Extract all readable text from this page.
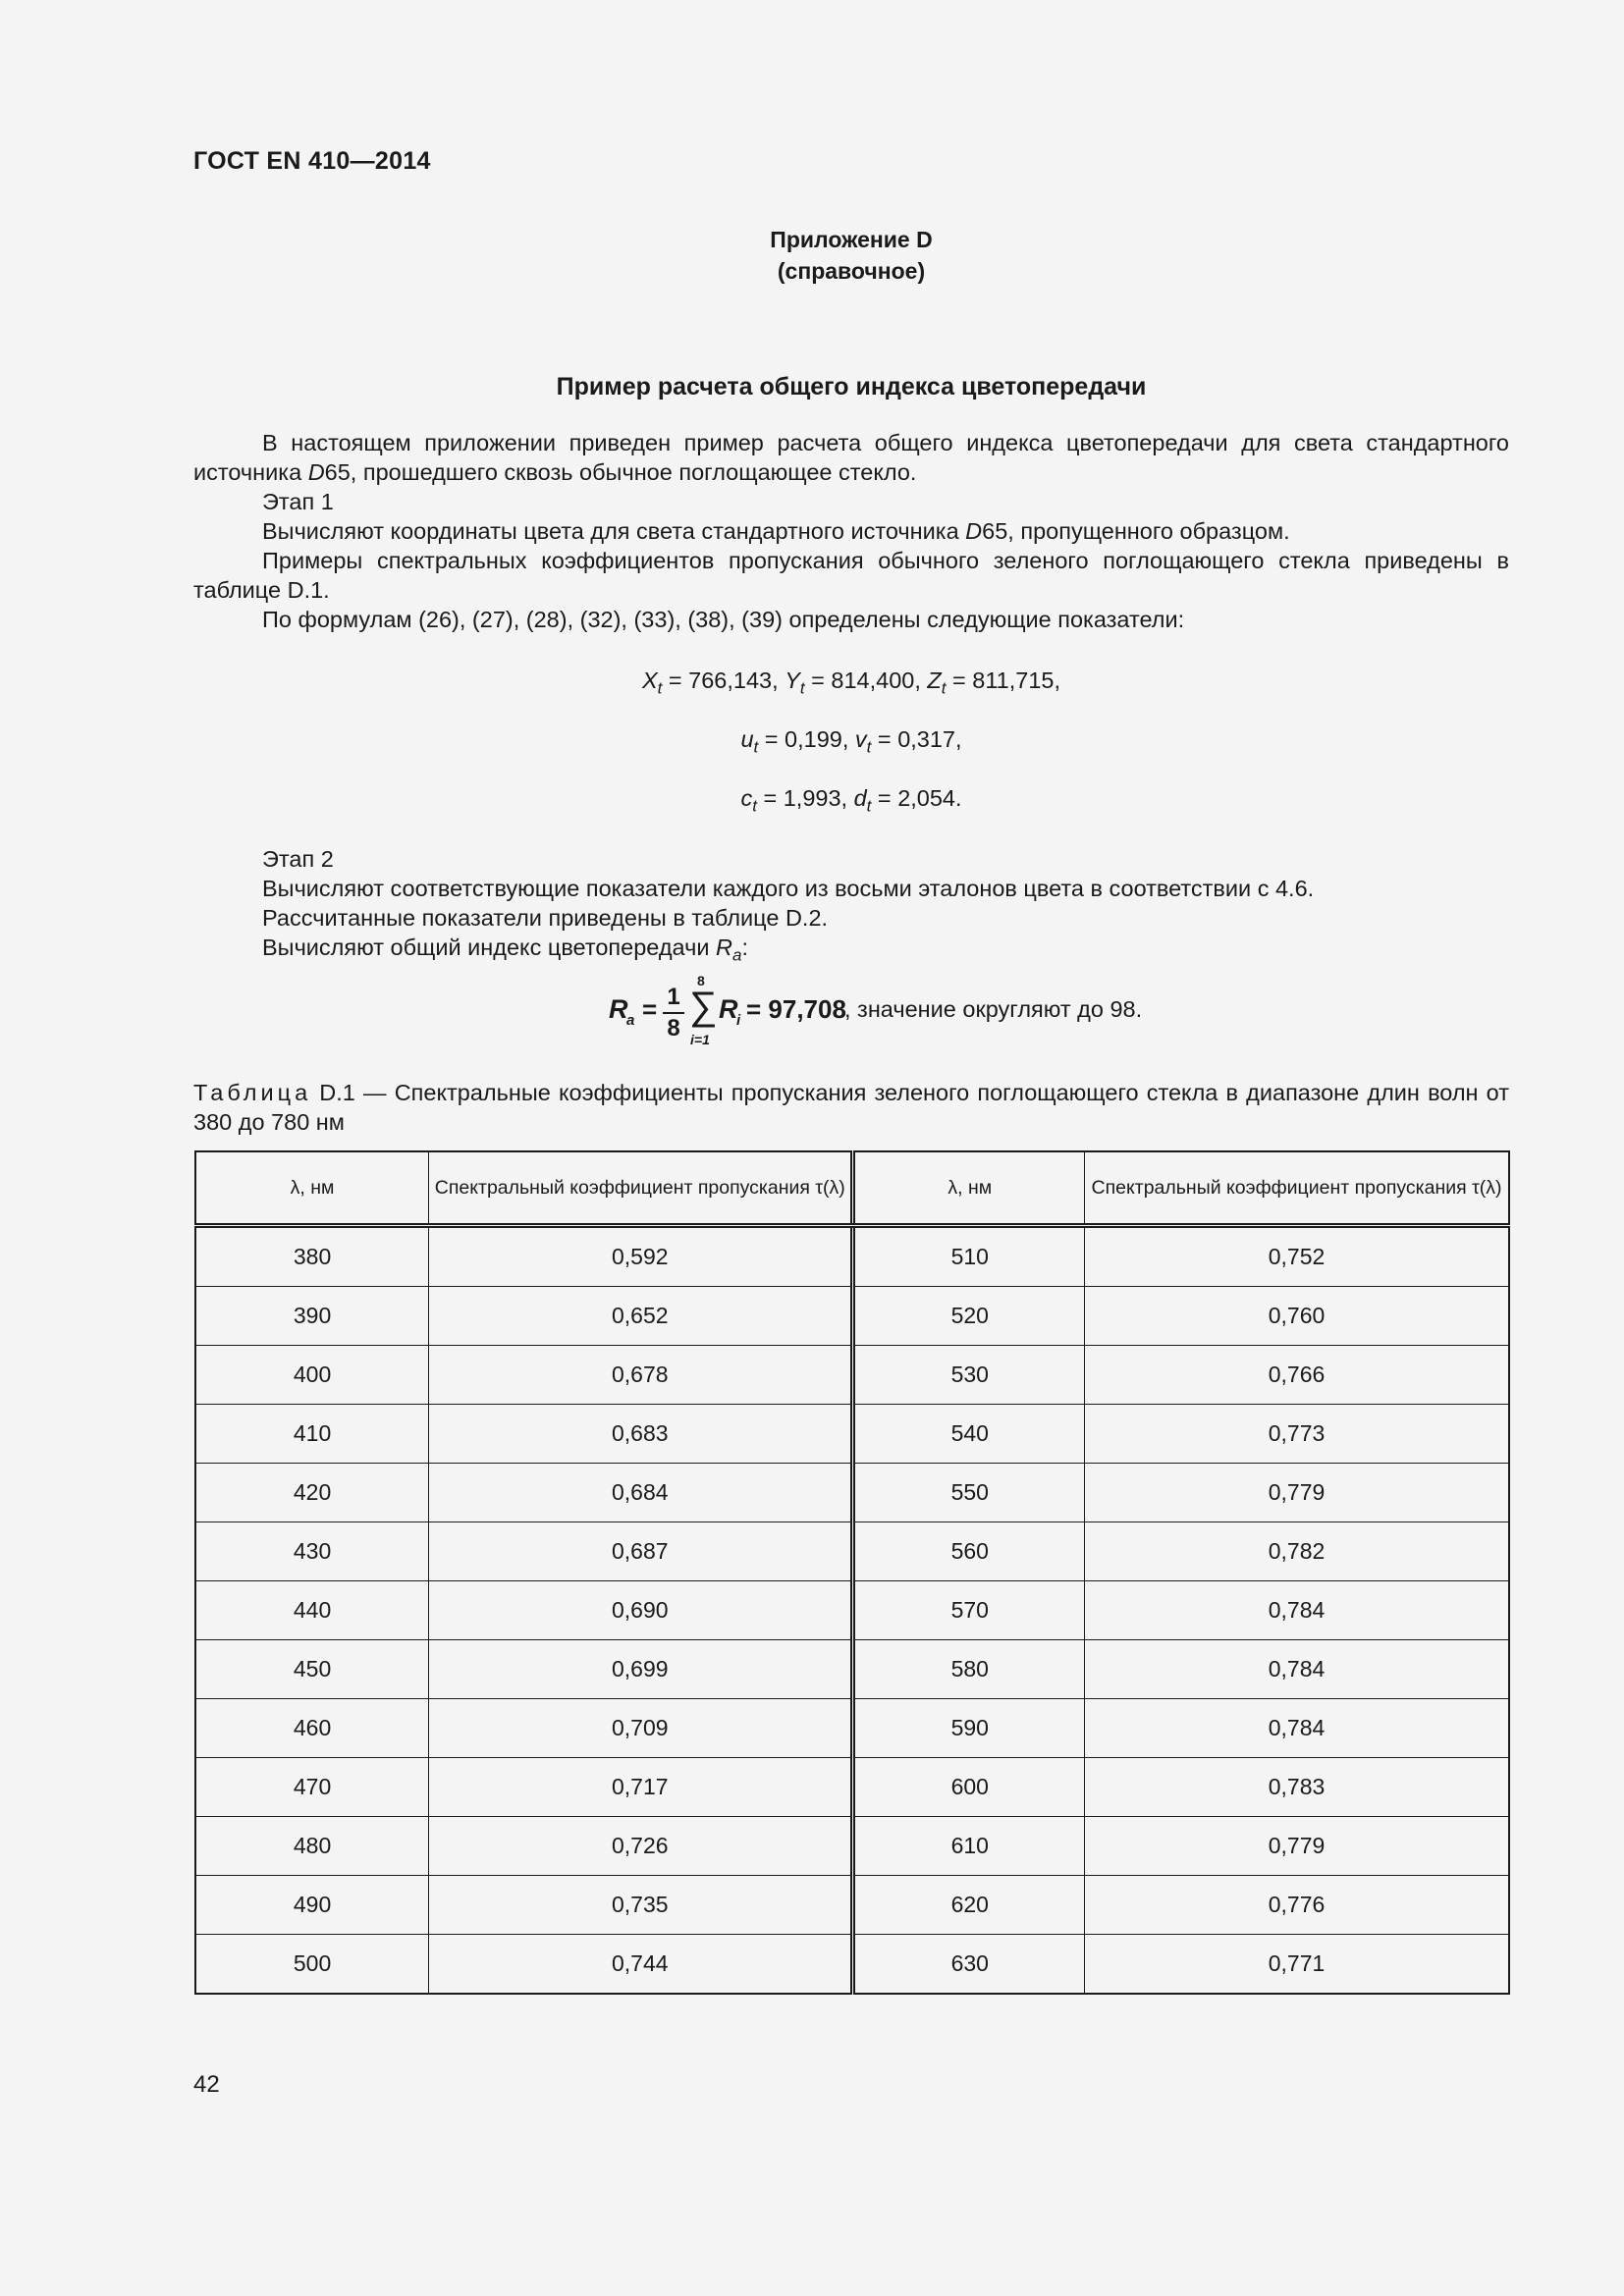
ГОСТ EN 410—2014
Приложение D
(справочное)
Пример расчета общего индекса цветопередачи

В настоящем приложении приведен пример расчета общего индекса цветопередачи для света стандартного источника D65, прошедшего сквозь обычное поглощающее стекло.

Этап 1

Вычисляют координаты цвета для света стандартного источника D65, пропущенного образцом.

Примеры спектральных коэффициентов пропускания обычного зеленого поглощающего стекла приведены в таблице D.1.

По формулам (26), (27), (28), (32), (33), (38), (39) определены следующие показатели:

$X_t = 766,143$, $Y_t = 814,400$, $Z_t = 811,715$,
$u_t = 0,199$, $v_t = 0,317$,
$c_t = 1,993$, $d_t = 2,054$.

Этап 2

Вычисляют соответствующие показатели каждого из восьми эталонов цвета в соответствии с 4.6.

Рассчитанные показатели приведены в таблице D.2.

Вычисляют общий индекс цветопередачи $R_a$:

R
a = 1
8
8
∑
i=1
R
i = 97,708
, значение округляют до 98.
Таблица D.1 — Спектральные коэффициенты пропускания зеленого поглощающего стекла в диапазоне длин волн от 380 до 780 нм
λ, нм	Спектральный коэффициент пропускания τ(λ)	λ, нм	Спектральный коэффициент пропускания τ(λ)
380	0,592	510	0,752
390	0,652	520	0,760
400	0,678	530	0,766
410	0,683	540	0,773
420	0,684	550	0,779
430	0,687	560	0,782
440	0,690	570	0,784
450	0,699	580	0,784
460	0,709	590	0,784
470	0,717	600	0,783
480	0,726	610	0,779
490	0,735	620	0,776
500	0,744	630	0,771
42
